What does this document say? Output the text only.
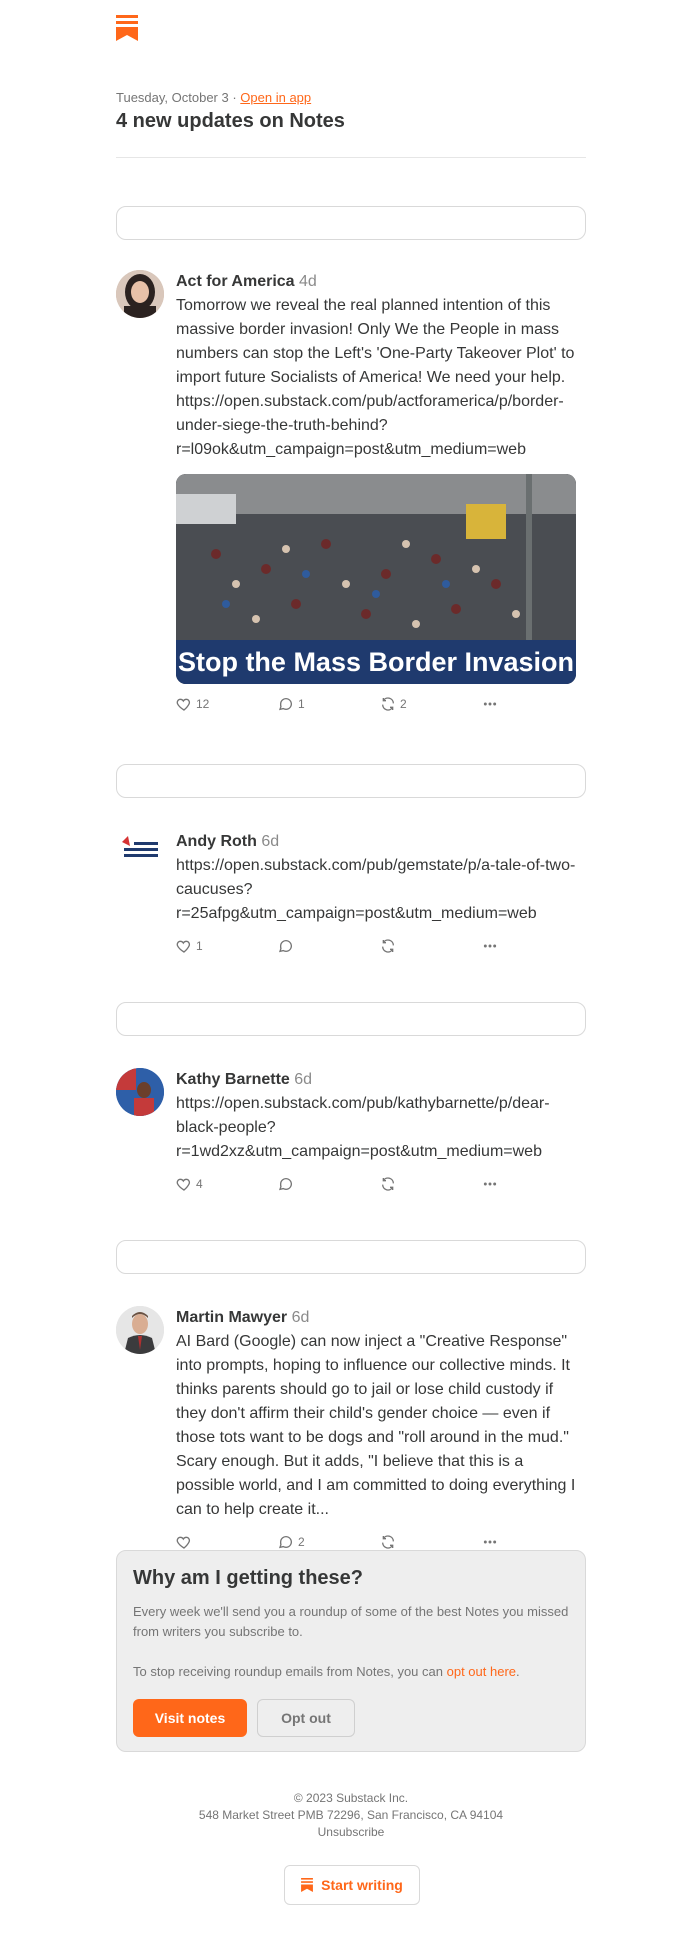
Tuesday, October 3 · Open in app
4 new updates on Notes
Act for America 4d
Tomorrow we reveal the real planned intention of this massive border invasion! Only We the People in mass numbers can stop the Left's 'One-Party Takeover Plot' to import future Socialists of America! We need your help. https://open.substack.com/pub/actforamerica/p/border-under-siege-the-truth-behind?r=l09ok&utm_campaign=post&utm_medium=web
Stop the Mass Border Invasion
12	1	2
Andy Roth 6d
https://open.substack.com/pub/gemstate/p/a-tale-of-two-caucuses?r=25afpg&utm_campaign=post&utm_medium=web
1
Kathy Barnette 6d
https://open.substack.com/pub/kathybarnette/p/dear-black-people?r=1wd2xz&utm_campaign=post&utm_medium=web
4
Martin Mawyer 6d
AI Bard (Google) can now inject a "Creative Response" into prompts, hoping to influence our collective minds. It thinks parents should go to jail or lose child custody if they don't affirm their child's gender choice — even if those tots want to be dogs and "roll around in the mud." Scary enough. But it adds, "I believe that this is a possible world, and I am committed to doing everything I can to help create it...
2
Why am I getting these?

Every week we'll send you a roundup of some of the best Notes you missed from writers you subscribe to.

To stop receiving roundup emails from Notes, you can opt out here.

Visit notes	Opt out
© 2023 Substack Inc.
548 Market Street PMB 72296, San Francisco, CA 94104
Unsubscribe
Start writing
